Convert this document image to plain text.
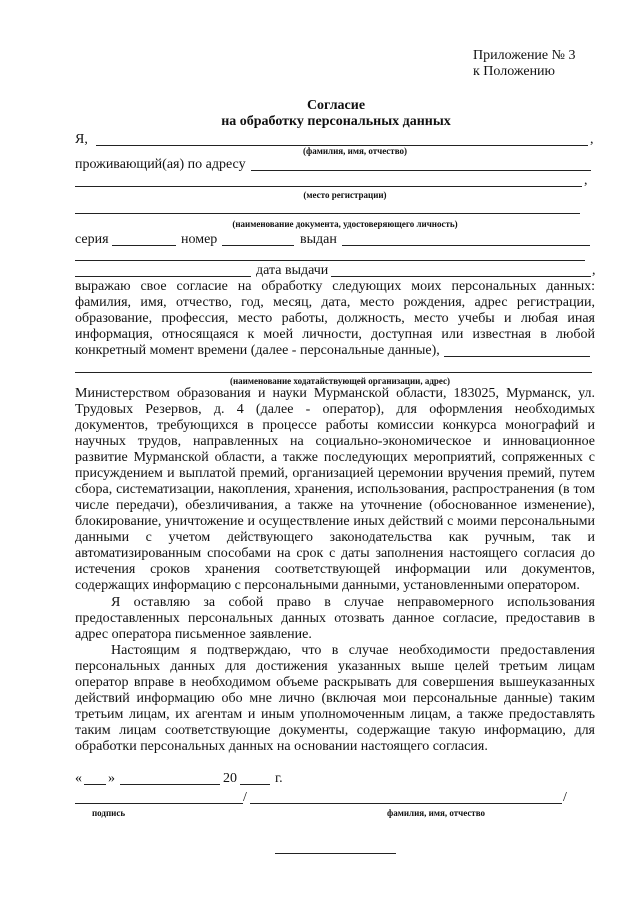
Приложение № 3
к Положению
Согласие
на обработку персональных данных
Я,	,
(фамилия, имя, отчество)
проживающий(ая) по адресу
,
(место регистрации)
(наименование документа, удостоверяющего личность)
серия	номер	выдан
дата выдачи	,
выражаю свое согласие на обработку следующих моих персональных данных:
фамилия, имя, отчество, год, месяц, дата, место рождения, адрес регистрации,
образование, профессия, место работы, должность, место учебы и любая иная
информация, относящаяся к моей личности, доступная или известная в любой
конкретный момент времени (далее - персональные данные),
(наименование ходатайствующей организации, адрес)
Министерством образования и науки Мурманской области, 183025, Мурманск, ул.
Трудовых Резервов, д. 4 (далее - оператор), для оформления необходимых
документов, требующихся в процессе работы комиссии конкурса монографий и
научных трудов, направленных на социально-экономическое и инновационное
развитие Мурманской области, а также последующих мероприятий, сопряженных с
присуждением и выплатой премий, организацией церемонии вручения премий, путем
сбора, систематизации, накопления, хранения, использования, распространения (в том
числе передачи), обезличивания, а также на уточнение (обоснованное изменение),
блокирование, уничтожение и осуществление иных действий с моими персональными
данными с учетом действующего законодательства как ручным, так и
автоматизированным способами на срок с даты заполнения настоящего согласия до
истечения сроков хранения соответствующей информации или документов,
содержащих информацию с персональными данными, установленными оператором.
Я оставляю за собой право в случае неправомерного использования
предоставленных персональных данных отозвать данное согласие, предоставив в
адрес оператора письменное заявление.
Настоящим я подтверждаю, что в случае необходимости предоставления
персональных данных для достижения указанных выше целей третьим лицам
оператор вправе в необходимом объеме раскрывать для совершения вышеуказанных
действий информацию обо мне лично (включая мои персональные данные) таким
третьим лицам, их агентам и иным уполномоченным лицам, а также предоставлять
таким лицам соответствующие документы, содержащие такую информацию, для
обработки персональных данных на основании настоящего согласия.
« »	20	г.
/	/
подпись	фамилия, имя, отчество
